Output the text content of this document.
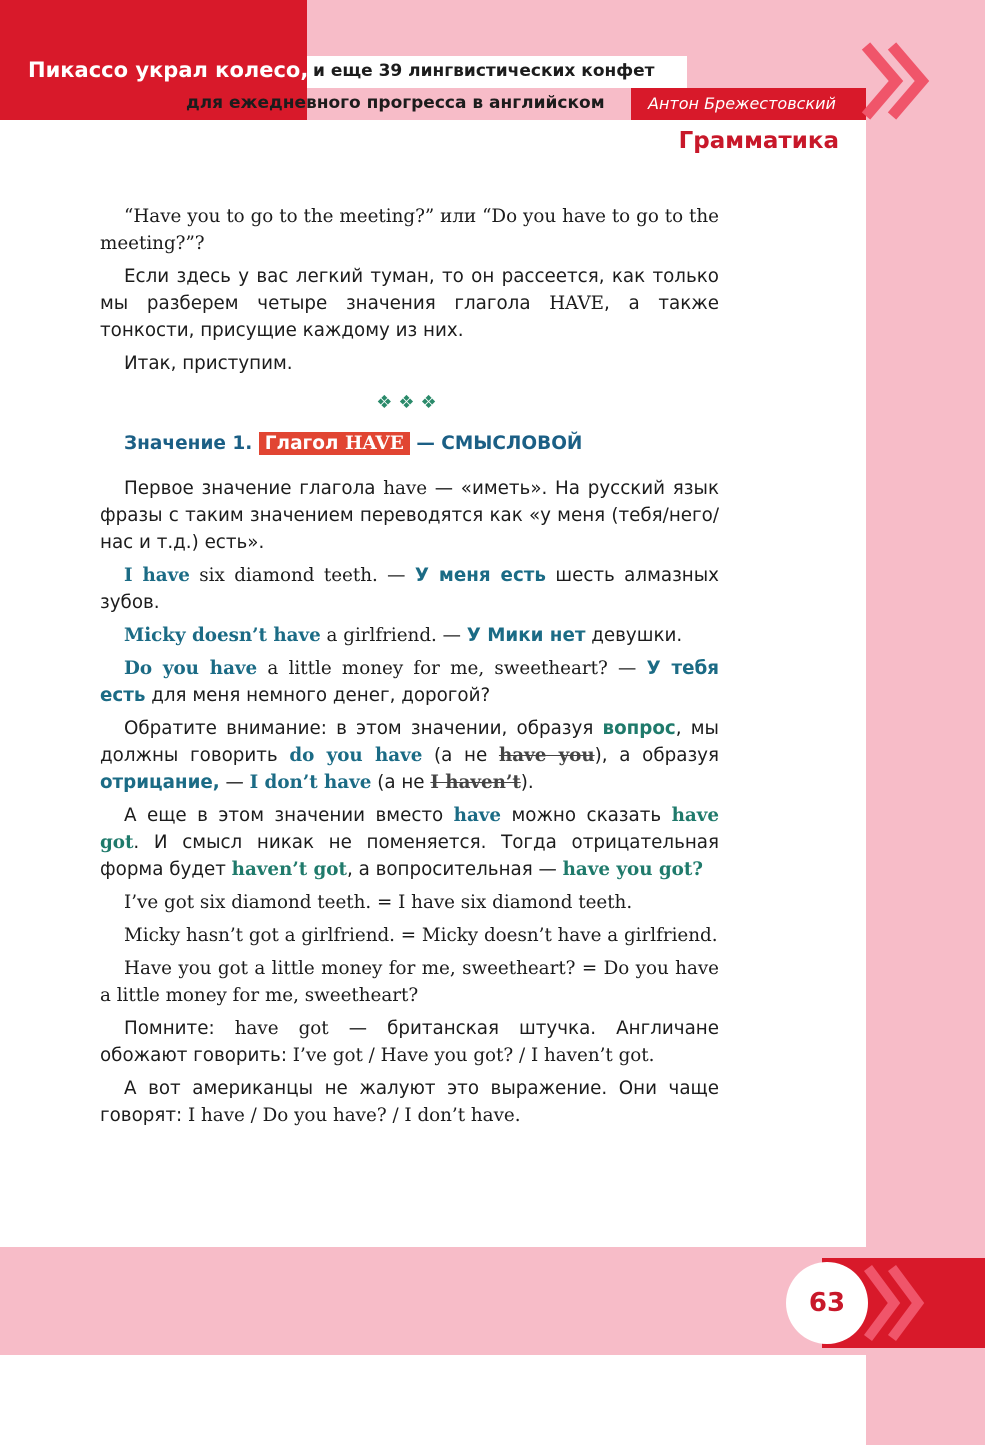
Пикассо украл колесо, и еще 39 лингвистических конфет
для ежедневного прогресса в английском	Антон Брежестовский
Грамматика

“Have you to go to the meeting?” или “Do you have to go to the meeting?”?

Если здесь у вас легкий туман, то он рассеется, как только мы разберем четыре значения глагола HAVE, а также тонкости, присущие каждому из них.

Итак, приступим.

❖❖❖
Значение 1. Глагол HAVE — СМЫСЛОВОЙ

Первое значение глагола have — «иметь». На русский язык фразы с таким значением переводятся как «у меня (тебя/него/нас и т.д.) есть».

I have six diamond teeth. — У меня есть шесть алмазных зубов.

Micky doesn’t have a girlfriend. — У Мики нет девушки.

Do you have a little money for me, sweetheart? — У тебя есть для меня немного денег, дорогой?

Обратите внимание: в этом значении, образуя вопрос, мы должны говорить do you have (а не have you), а образуя отрицание, — I don’t have (а не I haven’t).

А еще в этом значении вместо have можно сказать have got. И смысл никак не поменяется. Тогда отрицательная форма будет haven’t got, а вопросительная — have you got?

I’ve got six diamond teeth. = I have six diamond teeth.

Micky hasn’t got a girlfriend. = Micky doesn’t have a girlfriend.

Have you got a little money for me, sweetheart? = Do you have a little money for me, sweetheart?

Помните: have got — британская штучка. Англичане обожают говорить: I’ve got / Have you got? / I haven’t got.

А вот американцы не жалуют это выражение. Они чаще говорят: I have / Do you have? / I don’t have.

63
